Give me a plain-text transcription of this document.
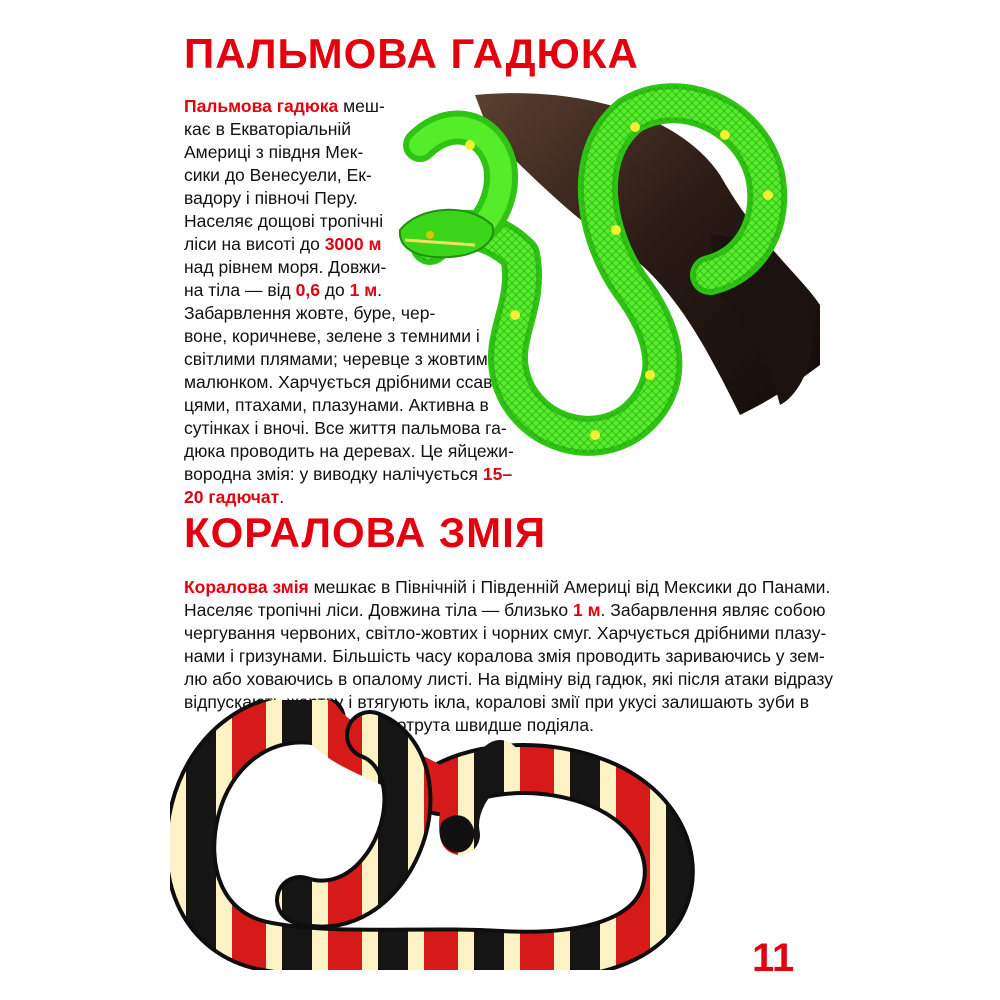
ПАЛЬМОВА ГАДЮКА
Пальмова гадюка меш-
кає в Екваторіальній
Америці з півдня Мек-
сики до Венесуели, Ек-
вадору і півночі Перу.
Населяє дощові тропічні
ліси на висоті до 3000 м
над рівнем моря. Довжи-
на тіла — від 0,6 до 1 м.
Забарвлення жовте, буре, чер-
воне, коричневе, зелене з темними і
світлими плямами; черевце з жовтим
малюнком. Харчується дрібними ссав-
цями, птахами, плазунами. Активна в
сутінках і вночі. Все життя пальмова га-
дюка проводить на деревах. Це яйцежи-
вородна змія: у виводку налічується 15–
20 гадючат.
КОРАЛОВА ЗМІЯ
Коралова змія мешкає в Північній і Південній Америці від Мексики до Панами.
Населяє тропічні ліси. Довжина тіла — близько 1 м. Забарвлення являє собою
чергування червоних, світло-жовтих і чорних смуг. Харчується дрібними плазу-
нами і гризунами. Більшість часу коралова змія проводить зариваючись у зем-
лю або ховаючись в опалому листі. На відміну від гадюк, які після атаки відразу
відпускають жертву і втягують ікла, коралові змії при укусі залишають зуби в
рані, щоб отрута швидше подіяла.
11
